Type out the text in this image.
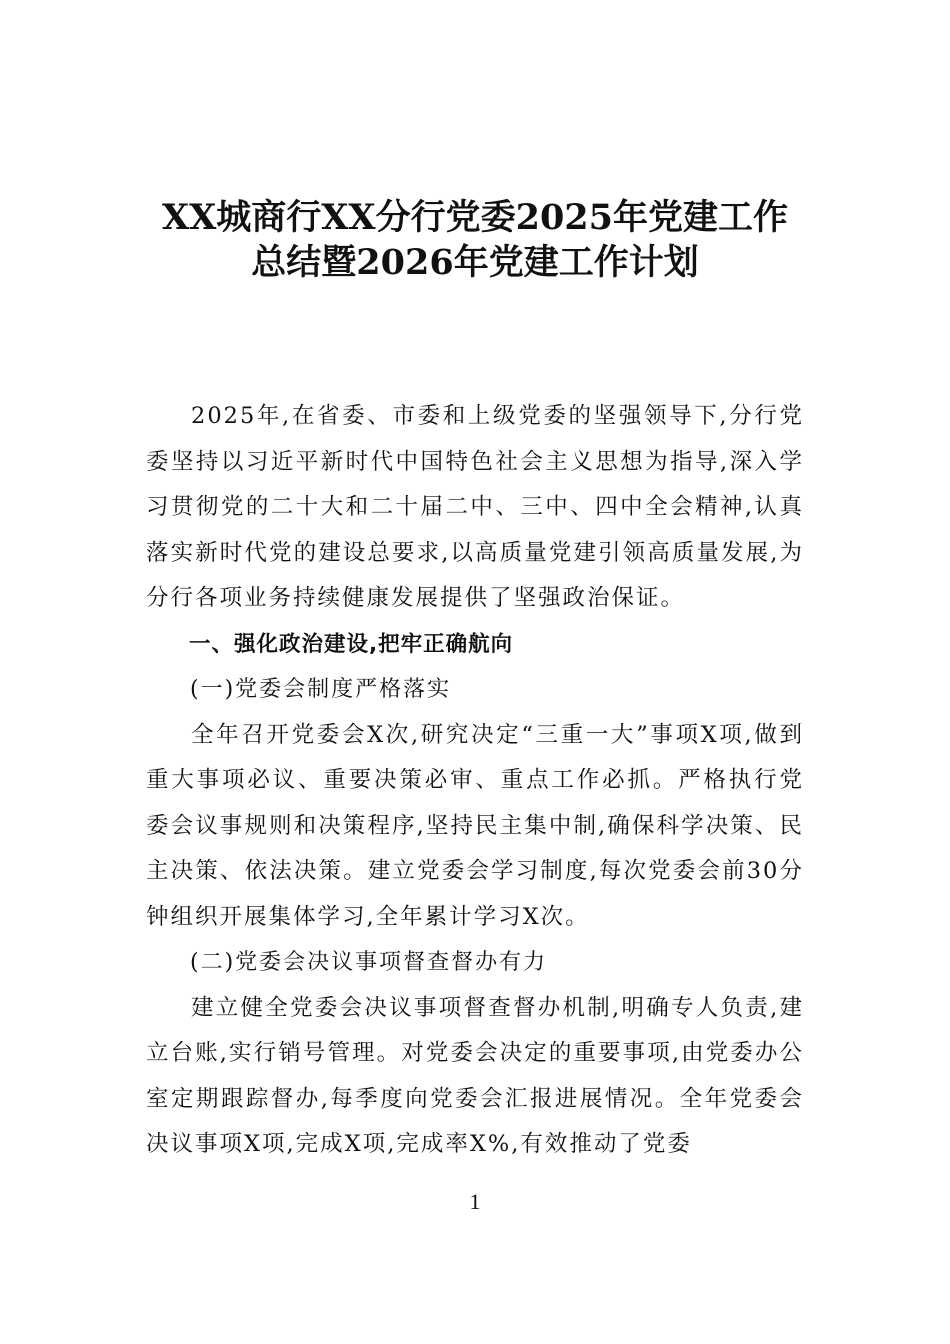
XX城商行XX分行党委2025年党建工作
总结暨2026年党建工作计划

2025年,在省委、市委和上级党委的坚强领导下,分行党委坚持以习近平新时代中国特色社会主义思想为指导,深入学习贯彻党的二十大和二十届二中、三中、四中全会精神,认真落实新时代党的建设总要求,以高质量党建引领高质量发展,为分行各项业务持续健康发展提供了坚强政治保证。

一、强化政治建设,把牢正确航向

(一)党委会制度严格落实

全年召开党委会X次,研究决定“三重一大”事项X项,做到重大事项必议、重要决策必审、重点工作必抓。严格执行党委会议事规则和决策程序,坚持民主集中制,确保科学决策、民主决策、依法决策。建立党委会学习制度,每次党委会前30分钟组织开展集体学习,全年累计学习X次。

(二)党委会决议事项督查督办有力

建立健全党委会决议事项督查督办机制,明确专人负责,建立台账,实行销号管理。对党委会决定的重要事项,由党委办公室定期跟踪督办,每季度向党委会汇报进展情况。全年党委会决议事项X项,完成X项,完成率X%,有效推动了党委

1
